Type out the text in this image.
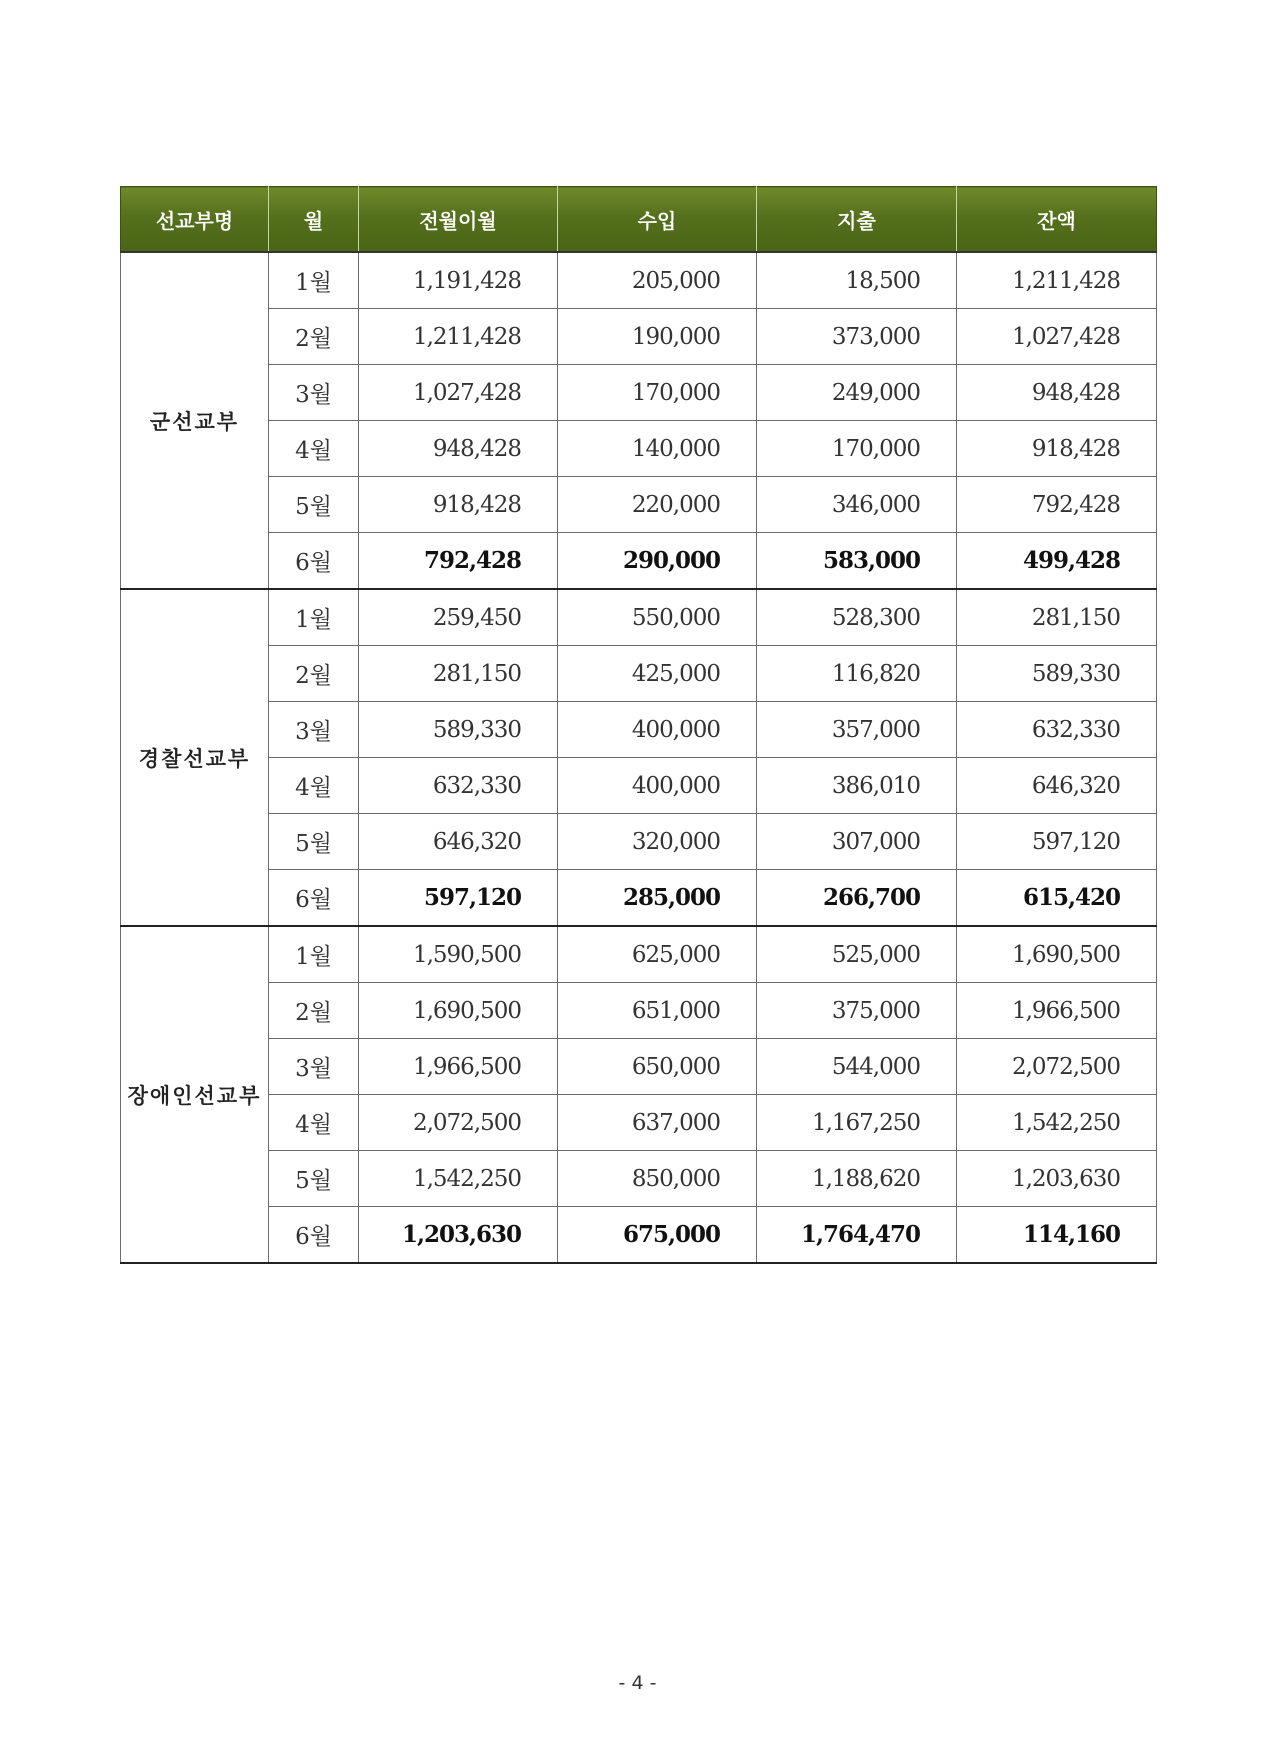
선교부명	월	전월이월	수입	지출	잔액
군선교부	1월	1,191,428	205,000	18,500	1,211,428
	2월	1,211,428	190,000	373,000	1,027,428
	3월	1,027,428	170,000	249,000	948,428
	4월	948,428	140,000	170,000	918,428
	5월	918,428	220,000	346,000	792,428
	6월	792,428	290,000	583,000	499,428
경찰선교부	1월	259,450	550,000	528,300	281,150
	2월	281,150	425,000	116,820	589,330
	3월	589,330	400,000	357,000	632,330
	4월	632,330	400,000	386,010	646,320
	5월	646,320	320,000	307,000	597,120
	6월	597,120	285,000	266,700	615,420
장애인선교부	1월	1,590,500	625,000	525,000	1,690,500
	2월	1,690,500	651,000	375,000	1,966,500
	3월	1,966,500	650,000	544,000	2,072,500
	4월	2,072,500	637,000	1,167,250	1,542,250
	5월	1,542,250	850,000	1,188,620	1,203,630
	6월	1,203,630	675,000	1,764,470	114,160
- 4 -
